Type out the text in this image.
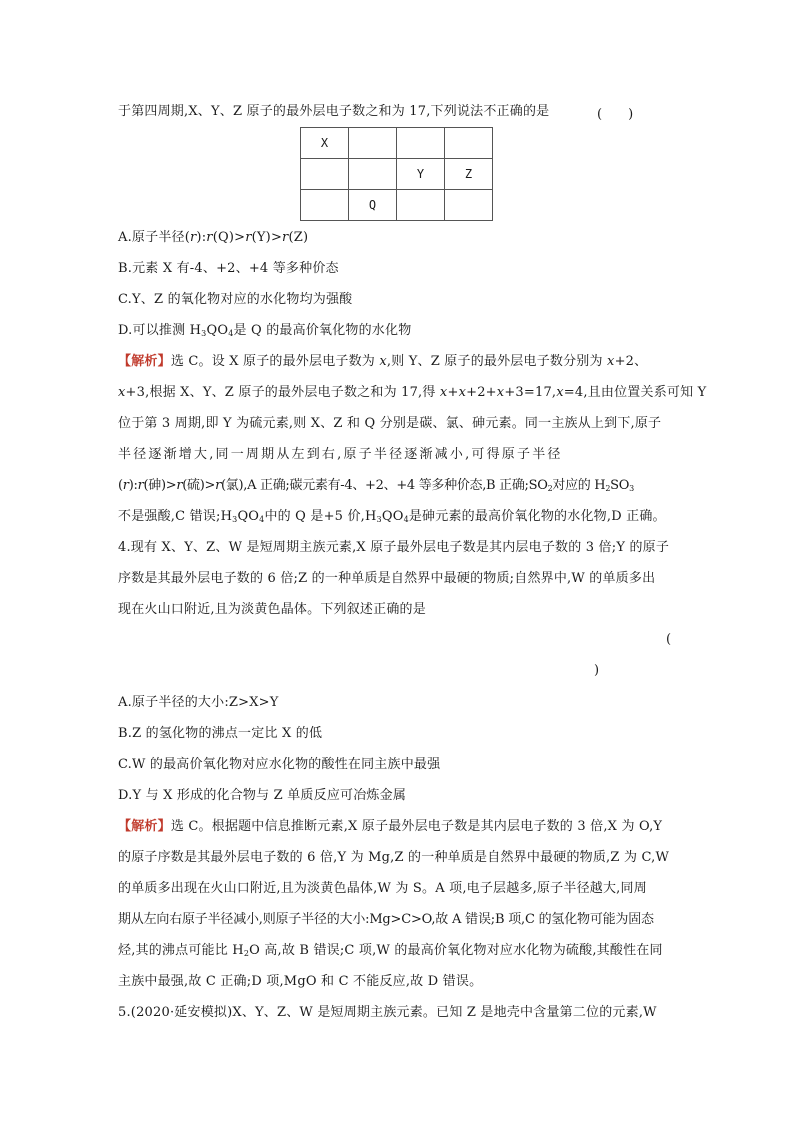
于第四周期,X、Y、Z 原子的最外层电子数之和为 17,下列说法不正确的是	(　　)
X			
		Y	Z
	Q		
A.原子半径(r):r(Q)>r(Y)>r(Z)
B.元素 X 有-4、+2、+4 等多种价态
C.Y、Z 的氧化物对应的水化物均为强酸
D.可以推测 $H_3QO_4$是 Q 的最高价氧化物的水化物
【解析】选 C。设 X 原子的最外层电子数为 x,则 Y、Z 原子的最外层电子数分别为 x+2、
x+3,根据 X、Y、Z 原子的最外层电子数之和为 17,得 x+x+2+x+3=17,x=4,且由位置关系可知 Y
位于第 3 周期,即 Y 为硫元素,则 X、Z 和 Q 分别是碳、氯、砷元素。同一主族从上到下,原子
半径逐渐增大,同一周期从左到右,原子半径逐渐减小,可得原子半径
(r):r(砷)>r(硫)>r(氯),A 正确;碳元素有-4、+2、+4 等多种价态,B 正确$;SO_2$对应的 $H_2SO_3$
不是强酸,C 错误$;H_3QO_4$中的 Q 是+5 价$,H_3QO_4$是砷元素的最高价氧化物的水化物,D 正确。
4.现有 X、Y、Z、W 是短周期主族元素,X 原子最外层电子数是其内层电子数的 3 倍;Y 的原子
序数是其最外层电子数的 6 倍;Z 的一种单质是自然界中最硬的物质;自然界中,W 的单质多出
现在火山口附近,且为淡黄色晶体。下列叙述正确的是
(
)
A.原子半径的大小:Z>X>Y
B.Z 的氢化物的沸点一定比 X 的低
C.W 的最高价氧化物对应水化物的酸性在同主族中最强
D.Y 与 X 形成的化合物与 Z 单质反应可冶炼金属
【解析】选 C。根据题中信息推断元素,X 原子最外层电子数是其内层电子数的 3 倍,X 为 O,Y
的原子序数是其最外层电子数的 6 倍,Y 为 Mg,Z 的一种单质是自然界中最硬的物质,Z 为 C,W
的单质多出现在火山口附近,且为淡黄色晶体,W 为 S。A 项,电子层越多,原子半径越大,同周
期从左向右原子半径减小,则原子半径的大小:Mg>C>O,故 A 错误;B 项,C 的氢化物可能为固态
烃,其的沸点可能比 $H_2O$ 高,故 B 错误;C 项,W 的最高价氧化物对应水化物为硫酸,其酸性在同
主族中最强,故 C 正确;D 项,MgO 和 C 不能反应,故 D 错误。
5.(2020·延安模拟)X、Y、Z、W 是短周期主族元素。已知 Z 是地壳中含量第二位的元素,W
